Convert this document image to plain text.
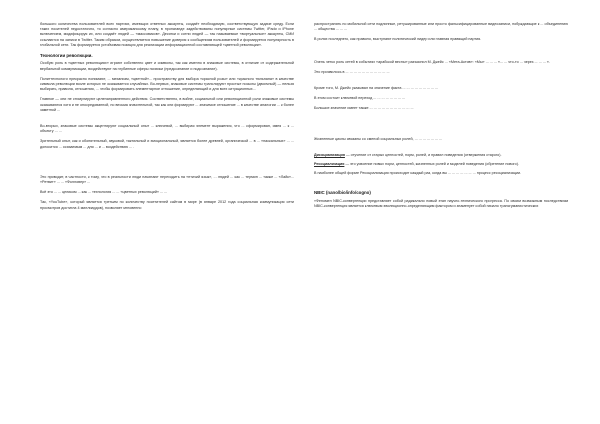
большого количества пользователей всех партиях, имеющих ответных аккаунты, создаёт необходимую, соответствующую задаче среду. Если таких носителей недостаточно, то согласно американскому плану, в пропаганде задействованы популярные системы Twitter, iPadи и iPhone включением, модифицируя их, или создаёт людей — «массовиков». Десятки и сотни людей — так называемые «виртуальные» аккаунты, СМИ ссылаются на записи в Twitter. Таким образом, осуществляется повышение доверия к сообщениям пользователей и формируется популярность в глобальной сети. Так формируется устойчивая позиция для реализации информационной составляющей «цветной революции».

Технологии революции.

Особую роль в «цветных революциях» играют собственно цвет и символы, так как именно в знаковые системы, в отличие от содержательной вербальной коммуникации, воздействуют на глубинные сферы психики (предсознание и подсознание).

Политтехнологи прекрасно понимают, ... механизм, «цветной»... пространству для выбора «красной розы» или «красного тюльпана» в качестве символа революции возле которых не оказывается случайных. Во-первых, знаковые системы транслируют простые посылы (двоичный) — нельзя выбирать, правила, отношения, ... чтобы формировать элементарное отношение, определяющий и для всех ситуационных...

Главное — они не стимулируют целенаправленного действия. Соответственно, в войне, социальной или революционной роли знаковые системы оказываются хотя и не опосредованной, но весьма значительной, так как они формируют ... значимое отношение ... в качестве аналогии ... к более заметной ...

Во-вторых, знаковые системы акцентируют социальный опыт ... ключевой, ... выбирая элемент выражения, что ... сформирован, имея ... к ... объекту ... ...

Зрительный опыт, как и обонятельный, звуковой, тактильный и эмоциональный, является более древней, органической ... в ... «наскальных» ... ... доносится ... осязаемым ... для ... и ... воздействию ... .

Это приводит, в частности, к тому, что в реальности люди начинают переходить на «птичий язык», ... людей ... как ... термин ... также ... «Лайк»... «Ретвит» ... ... «Фолловер» ...

Всё это ... ... целиком ... как ... технология ... ... «цветных революций» ... ...

Так, «YouTube», который является третьим по количеству посетителей сайтом в мире (в январе 2012 года социальная коммуникация сети просмотров достигла 4 миллиардов), позволяет мгновенно

распространять по мобильной сети подлинные, ретушированные или просто фальсифицированные видеозаписи, побуждающие к ... объединению ... общества ... ... ...

В ролях последнего, как правило, выступают политический лидер или главная правящий партия.

Очень четко роль сетей в событиях «арабской весны» разъяснил М. Джейс ... «Мета-Актив»: «Мы» ... ... ... «... ... что-то ... через ... ... ... ».

Это проявилось в ... ... ... ... ... ... ... ... ... ... ...

Кроме того, М. Джейс указывал на значение факта ... ... ... ... ... ... ... ... ...

В этом состоит ключевой переход ... ... ... ... ... ... ... ...

Большое значение имеет также ... ... ... ... ... ... ... ... ... ... ...

Жизненные циклы связаны со сменой социальных ролей, ... ... ... ... ... ... ...

Дисоциализация — отучение от старых ценностей, норм, ролей, и правил поведения (отвержения старого).

Ресоциализация — это усвоение новых норм, ценностей, жизненных ролей и моделей поведения (обретение нового).

В наиболее общей форме Ресоциализация происходит каждый раз, когда вы ... ... ... ... ... ... ... процесс ресоциализации.

NBIC (nano/bio/info/cogno)

«Феномен NBIC-конвергенции представляет собой радикально новый этап научно-технического прогресса. По своим возможным последствиям NBIC-конвергенция является ключевым эволюционно-определяющим фактором и знаменует собой начало трансгуманистических
